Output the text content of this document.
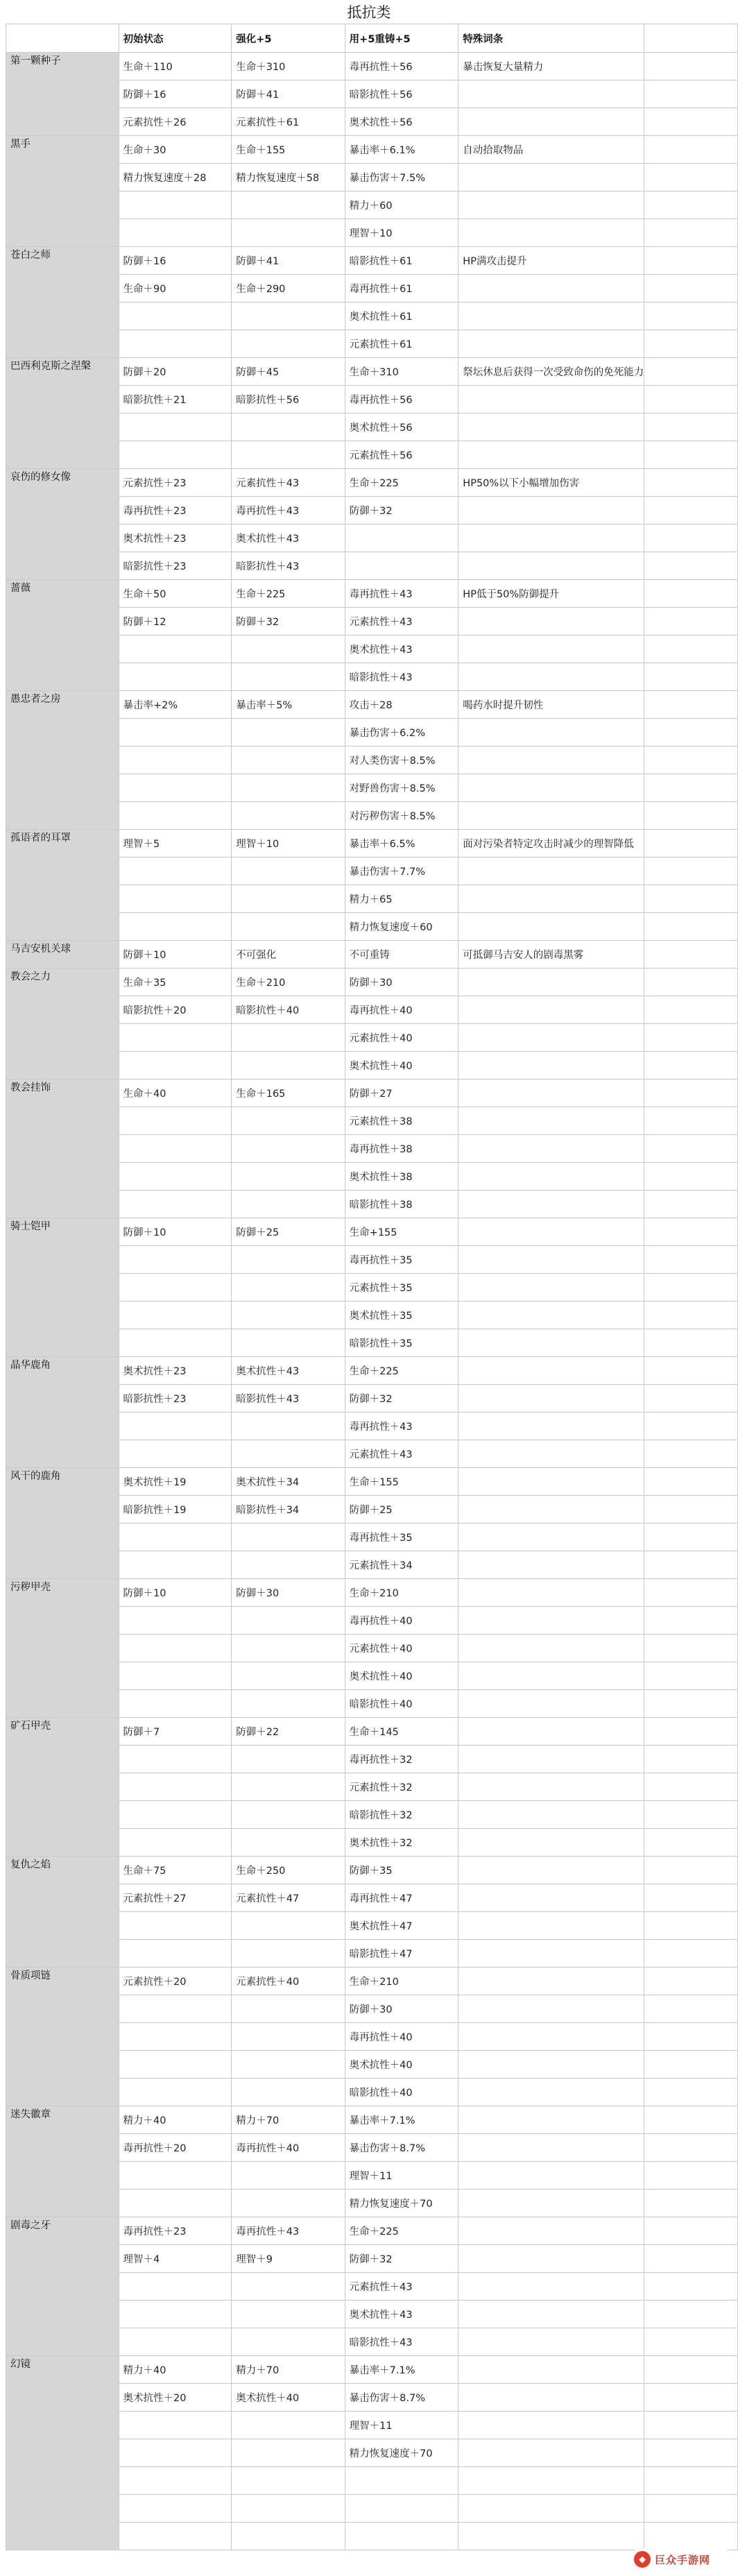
抵抗类
	初始状态	强化+5	用+5重铸+5	特殊词条	
第一颗种子	生命＋110	生命＋310	毒再抗性＋56	暴击恢复大量精力	
	防御＋16	防御＋41	暗影抗性＋56		
	元素抗性＋26	元素抗性＋61	奥术抗性＋56		
黑手	生命＋30	生命＋155	暴击率＋6.1%	自动拾取物品	
	精力恢复速度＋28	精力恢复速度＋58	暴击伤害＋7.5%		
			精力＋60		
			理智＋10		
苍白之师	防御＋16	防御＋41	暗影抗性＋61	HP满攻击提升	
	生命＋90	生命＋290	毒再抗性＋61		
			奥术抗性＋61		
			元素抗性＋61		
巴西利克斯之涅槃	防御＋20	防御＋45	生命＋310	祭坛休息后获得一次受致命伤的免死能力	
	暗影抗性＋21	暗影抗性＋56	毒再抗性＋56		
			奥术抗性＋56		
			元素抗性＋56		
哀伤的修女像	元素抗性＋23	元素抗性＋43	生命＋225	HP50%以下小幅增加伤害	
	毒再抗性＋23	毒再抗性＋43	防御＋32		
	奥术抗性＋23	奥术抗性＋43			
	暗影抗性＋23	暗影抗性＋43			
蔷薇	生命＋50	生命＋225	毒再抗性＋43	HP低于50%防御提升	
	防御＋12	防御＋32	元素抗性＋43		
			奥术抗性＋43		
			暗影抗性＋43		
愚忠者之房	暴击率+2%	暴击率＋5%	攻击＋28	喝药水时提升韧性	
			暴击伤害＋6.2%		
			对人类伤害＋8.5%		
			对野兽伤害＋8.5%		
			对污秽伤害＋8.5%		
孤语者的耳罩	理智＋5	理智＋10	暴击率＋6.5%	面对污染者特定攻击时减少的理智降低	
			暴击伤害＋7.7%		
			精力＋65		
			精力恢复速度＋60		
马吉安机关球	防御＋10	不可强化	不可重铸	可抵御马吉安人的剧毒黑雾	
教会之力	生命＋35	生命＋210	防御＋30		
	暗影抗性＋20	暗影抗性＋40	毒再抗性＋40		
			元素抗性＋40		
			奥术抗性＋40		
教会挂饰	生命＋40	生命＋165	防御＋27		
			元素抗性＋38		
			毒再抗性＋38		
			奥术抗性＋38		
			暗影抗性＋38		
骑士铠甲	防御＋10	防御＋25	生命+155		
			毒再抗性＋35		
			元素抗性＋35		
			奥术抗性＋35		
			暗影抗性＋35		
晶华鹿角	奥术抗性＋23	奥术抗性＋43	生命＋225		
	暗影抗性＋23	暗影抗性＋43	防御＋32		
			毒再抗性＋43		
			元素抗性＋43		
风干的鹿角	奥术抗性＋19	奥术抗性＋34	生命＋155		
	暗影抗性＋19	暗影抗性＋34	防御＋25		
			毒再抗性＋35		
			元素抗性＋34		
污秽甲壳	防御＋10	防御＋30	生命＋210		
			毒再抗性＋40		
			元素抗性＋40		
			奥术抗性＋40		
			暗影抗性＋40		
矿石甲壳	防御＋7	防御＋22	生命＋145		
			毒再抗性＋32		
			元素抗性＋32		
			暗影抗性＋32		
			奥术抗性＋32		
复仇之焰	生命＋75	生命＋250	防御＋35		
	元素抗性＋27	元素抗性＋47	毒再抗性＋47		
			奥术抗性＋47		
			暗影抗性＋47		
骨质项链	元素抗性＋20	元素抗性＋40	生命＋210		
			防御＋30		
			毒再抗性＋40		
			奥术抗性＋40		
			暗影抗性＋40		
迷失徽章	精力＋40	精力＋70	暴击率＋7.1%		
	毒再抗性＋20	毒再抗性＋40	暴击伤害＋8.7%		
			理智＋11		
			精力恢复速度＋70		
剧毒之牙	毒再抗性＋23	毒再抗性＋43	生命＋225		
	理智＋4	理智＋9	防御＋32		
			元素抗性＋43		
			奥术抗性＋43		
			暗影抗性＋43		
幻镜	精力＋40	精力＋70	暴击率＋7.1%		
	奥术抗性＋20	奥术抗性＋40	暴击伤害＋8.7%		
			理智＋11		
			精力恢复速度＋70		

◆ 巨众手游网
